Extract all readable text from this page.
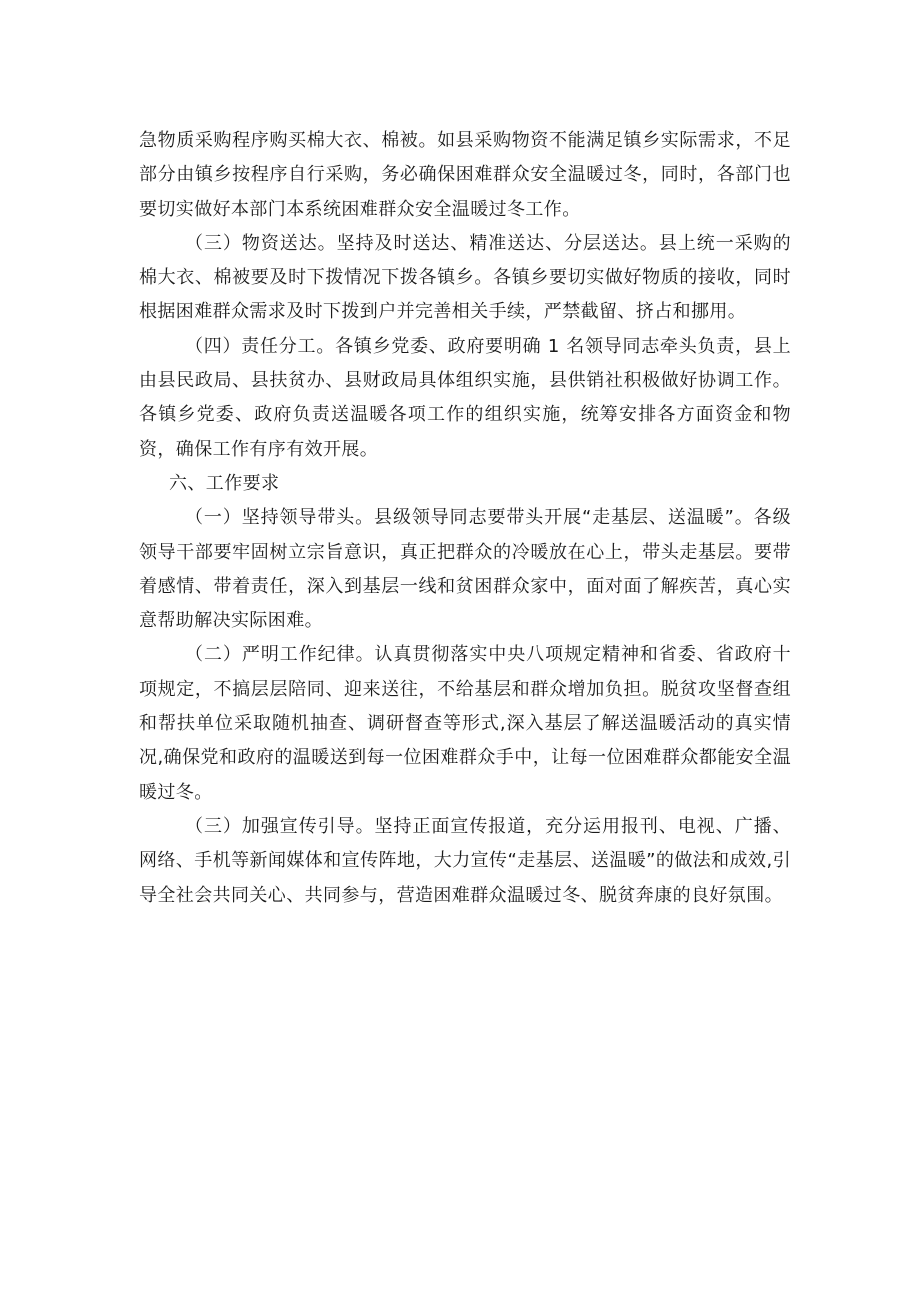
急物质采购程序购买棉大衣、棉被。如县采购物资不能满足镇乡实际需求，不足部分由镇乡按程序自行采购，务必确保困难群众安全温暖过冬，同时，各部门也要切实做好本部门本系统困难群众安全温暖过冬工作。

（三）物资送达。坚持及时送达、精准送达、分层送达。县上统一采购的棉大衣、棉被要及时下拨情况下拨各镇乡。各镇乡要切实做好物质的接收，同时根据困难群众需求及时下拨到户并完善相关手续，严禁截留、挤占和挪用。

（四）责任分工。各镇乡党委、政府要明确 1 名领导同志牵头负责，县上由县民政局、县扶贫办、县财政局具体组织实施，县供销社积极做好协调工作。各镇乡党委、政府负责送温暖各项工作的组织实施，统筹安排各方面资金和物资，确保工作有序有效开展。

六、工作要求

（一）坚持领导带头。县级领导同志要带头开展“走基层、送温暖”。各级领导干部要牢固树立宗旨意识，真正把群众的冷暖放在心上，带头走基层。要带着感情、带着责任，深入到基层一线和贫困群众家中，面对面了解疾苦，真心实意帮助解决实际困难。

（二）严明工作纪律。认真贯彻落实中央八项规定精神和省委、省政府十项规定，不搞层层陪同、迎来送往，不给基层和群众增加负担。脱贫攻坚督查组和帮扶单位采取随机抽查、调研督查等形式,深入基层了解送温暖活动的真实情况,确保党和政府的温暖送到每一位困难群众手中，让每一位困难群众都能安全温暖过冬。

（三）加强宣传引导。坚持正面宣传报道，充分运用报刊、电视、广播、网络、手机等新闻媒体和宣传阵地，大力宣传“走基层、送温暖”的做法和成效,引导全社会共同关心、共同参与，营造困难群众温暖过冬、脱贫奔康的良好氛围。
